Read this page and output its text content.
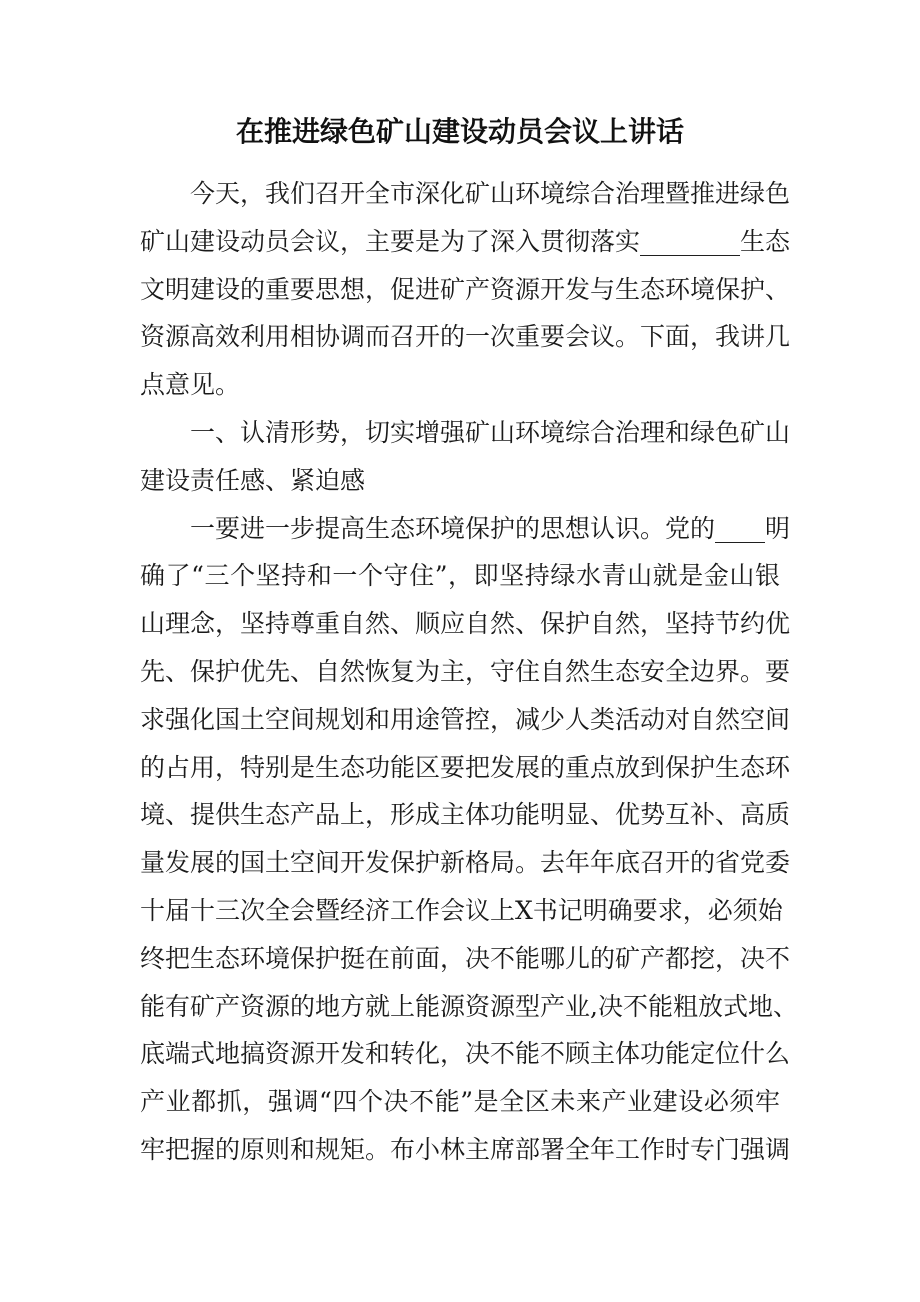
在推进绿色矿山建设动员会议上讲话
今天，我们召开全市深化矿山环境综合治理暨推进绿色
矿山建设动员会议，主要是为了深入贯彻落实________生态
文明建设的重要思想，促进矿产资源开发与生态环境保护、
资源高效利用相协调而召开的一次重要会议。下面，我讲几
点意见。
一、认清形势，切实增强矿山环境综合治理和绿色矿山
建设责任感、紧迫感
一要进一步提高生态环境保护的思想认识。党的____明
确了“三个坚持和一个守住”，即坚持绿水青山就是金山银
山理念，坚持尊重自然、顺应自然、保护自然，坚持节约优
先、保护优先、自然恢复为主，守住自然生态安全边界。要
求强化国土空间规划和用途管控，减少人类活动对自然空间
的占用，特别是生态功能区要把发展的重点放到保护生态环
境、提供生态产品上，形成主体功能明显、优势互补、高质
量发展的国土空间开发保护新格局。去年年底召开的省党委
十届十三次全会暨经济工作会议上X书记明确要求，必须始
终把生态环境保护挺在前面，决不能哪儿的矿产都挖，决不
能有矿产资源的地方就上能源资源型产业,决不能粗放式地、
底端式地搞资源开发和转化，决不能不顾主体功能定位什么
产业都抓，强调“四个决不能”是全区未来产业建设必须牢
牢把握的原则和规矩。布小林主席部署全年工作时专门强调
